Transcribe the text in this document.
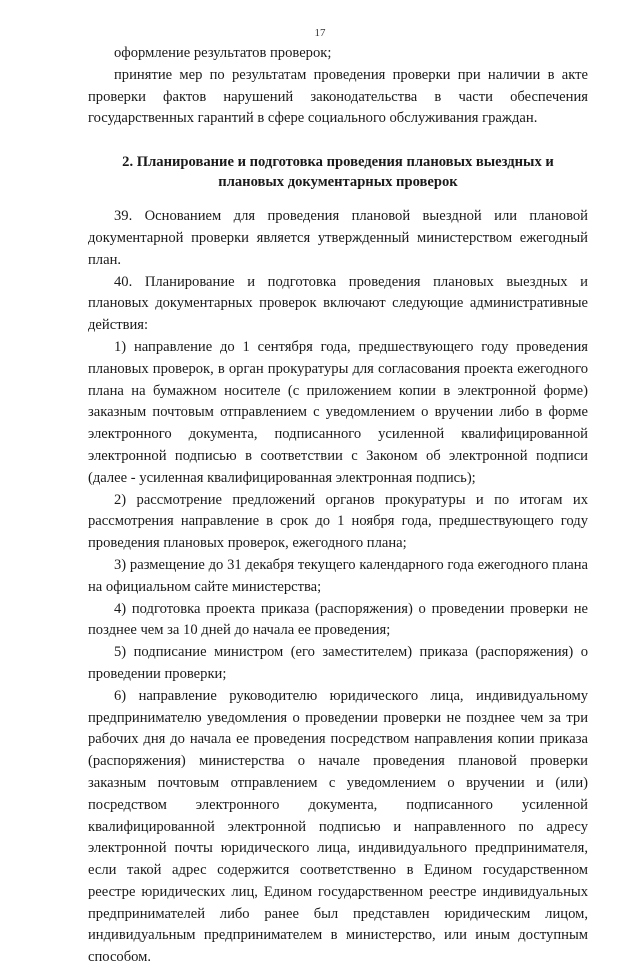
17

оформление результатов проверок;

принятие мер по результатам проведения проверки при наличии в акте проверки фактов нарушений законодательства в части обеспечения государственных гарантий в сфере социального обслуживания граждан.

2. Планирование и подготовка проведения плановых выездных и
плановых документарных проверок

39. Основанием для проведения плановой выездной или плановой документарной проверки является утвержденный министерством ежегодный план.

40. Планирование и подготовка проведения плановых выездных и плановых документарных проверок включают следующие административные действия:

1) направление до 1 сентября года, предшествующего году проведения плановых проверок, в орган прокуратуры для согласования проекта ежегодного плана на бумажном носителе (с приложением копии в электронной форме) заказным почтовым отправлением с уведомлением о вручении либо в форме электронного документа, подписанного усиленной квалифицированной электронной подписью в соответствии с Законом об электронной подписи (далее - усиленная квалифицированная электронная подпись);

2) рассмотрение предложений органов прокуратуры и по итогам их рассмотрения направление в срок до 1 ноября года, предшествующего году проведения плановых проверок, ежегодного плана;

3) размещение до 31 декабря текущего календарного года ежегодного плана на официальном сайте министерства;

4) подготовка проекта приказа (распоряжения) о проведении проверки не позднее чем за 10 дней до начала ее проведения;

5) подписание министром (его заместителем) приказа (распоряжения) о проведении проверки;

6) направление руководителю юридического лица, индивидуальному предпринимателю уведомления о проведении проверки не позднее чем за три рабочих дня до начала ее проведения посредством направления копии приказа (распоряжения) министерства о начале проведения плановой проверки заказным почтовым отправлением с уведомлением о вручении и (или) посредством электронного документа, подписанного усиленной квалифицированной электронной подписью и направленного по адресу электронной почты юридического лица, индивидуального предпринимателя, если такой адрес содержится соответственно в Едином государственном реестре юридических лиц, Едином государственном реестре индивидуальных предпринимателей либо ранее был представлен юридическим лицом, индивидуальным предпринимателем в министерство, или иным доступным способом.
